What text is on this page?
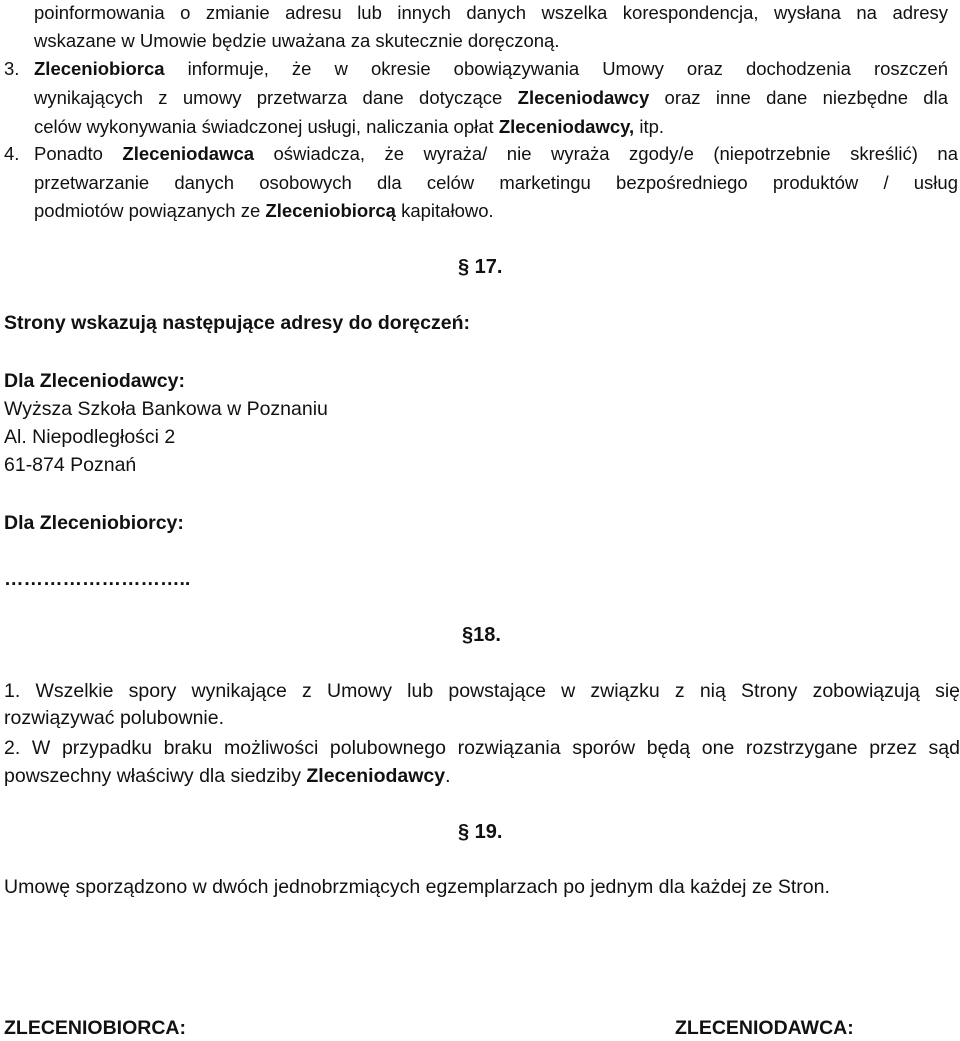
poinformowania o zmianie adresu lub innych danych wszelka korespondencja, wysłana na adresy
wskazane w Umowie będzie uważana za skutecznie doręczoną.
3. Zleceniobiorca informuje, że w okresie obowiązywania Umowy oraz dochodzenia roszczeń
wynikających z umowy przetwarza dane dotyczące Zleceniodawcy oraz inne dane niezbędne dla
celów wykonywania świadczonej usługi, naliczania opłat Zleceniodawcy, itp.
4. Ponadto Zleceniodawca oświadcza, że wyraża/ nie wyraża zgody/e (niepotrzebnie skreślić) na
przetwarzanie danych osobowych dla celów marketingu bezpośredniego produktów / usług
podmiotów powiązanych ze Zleceniobiorcą kapitałowo.
§ 17.
Strony wskazują następujące adresy do doręczeń:
Dla Zleceniodawcy:
Wyższa Szkoła Bankowa w Poznaniu
Al. Niepodległości 2
61-874 Poznań
Dla Zleceniobiorcy:
………………………..
§18.
1. Wszelkie spory wynikające z Umowy lub powstające w związku z nią Strony zobowiązują się
rozwiązywać polubownie.
2. W przypadku braku możliwości polubownego rozwiązania sporów będą one rozstrzygane przez sąd
powszechny właściwy dla siedziby Zleceniodawcy.
§ 19.
Umowę sporządzono w dwóch jednobrzmiących egzemplarzach po jednym dla każdej ze Stron.
ZLECENIOBIORCA:	ZLECENIODAWCA:
